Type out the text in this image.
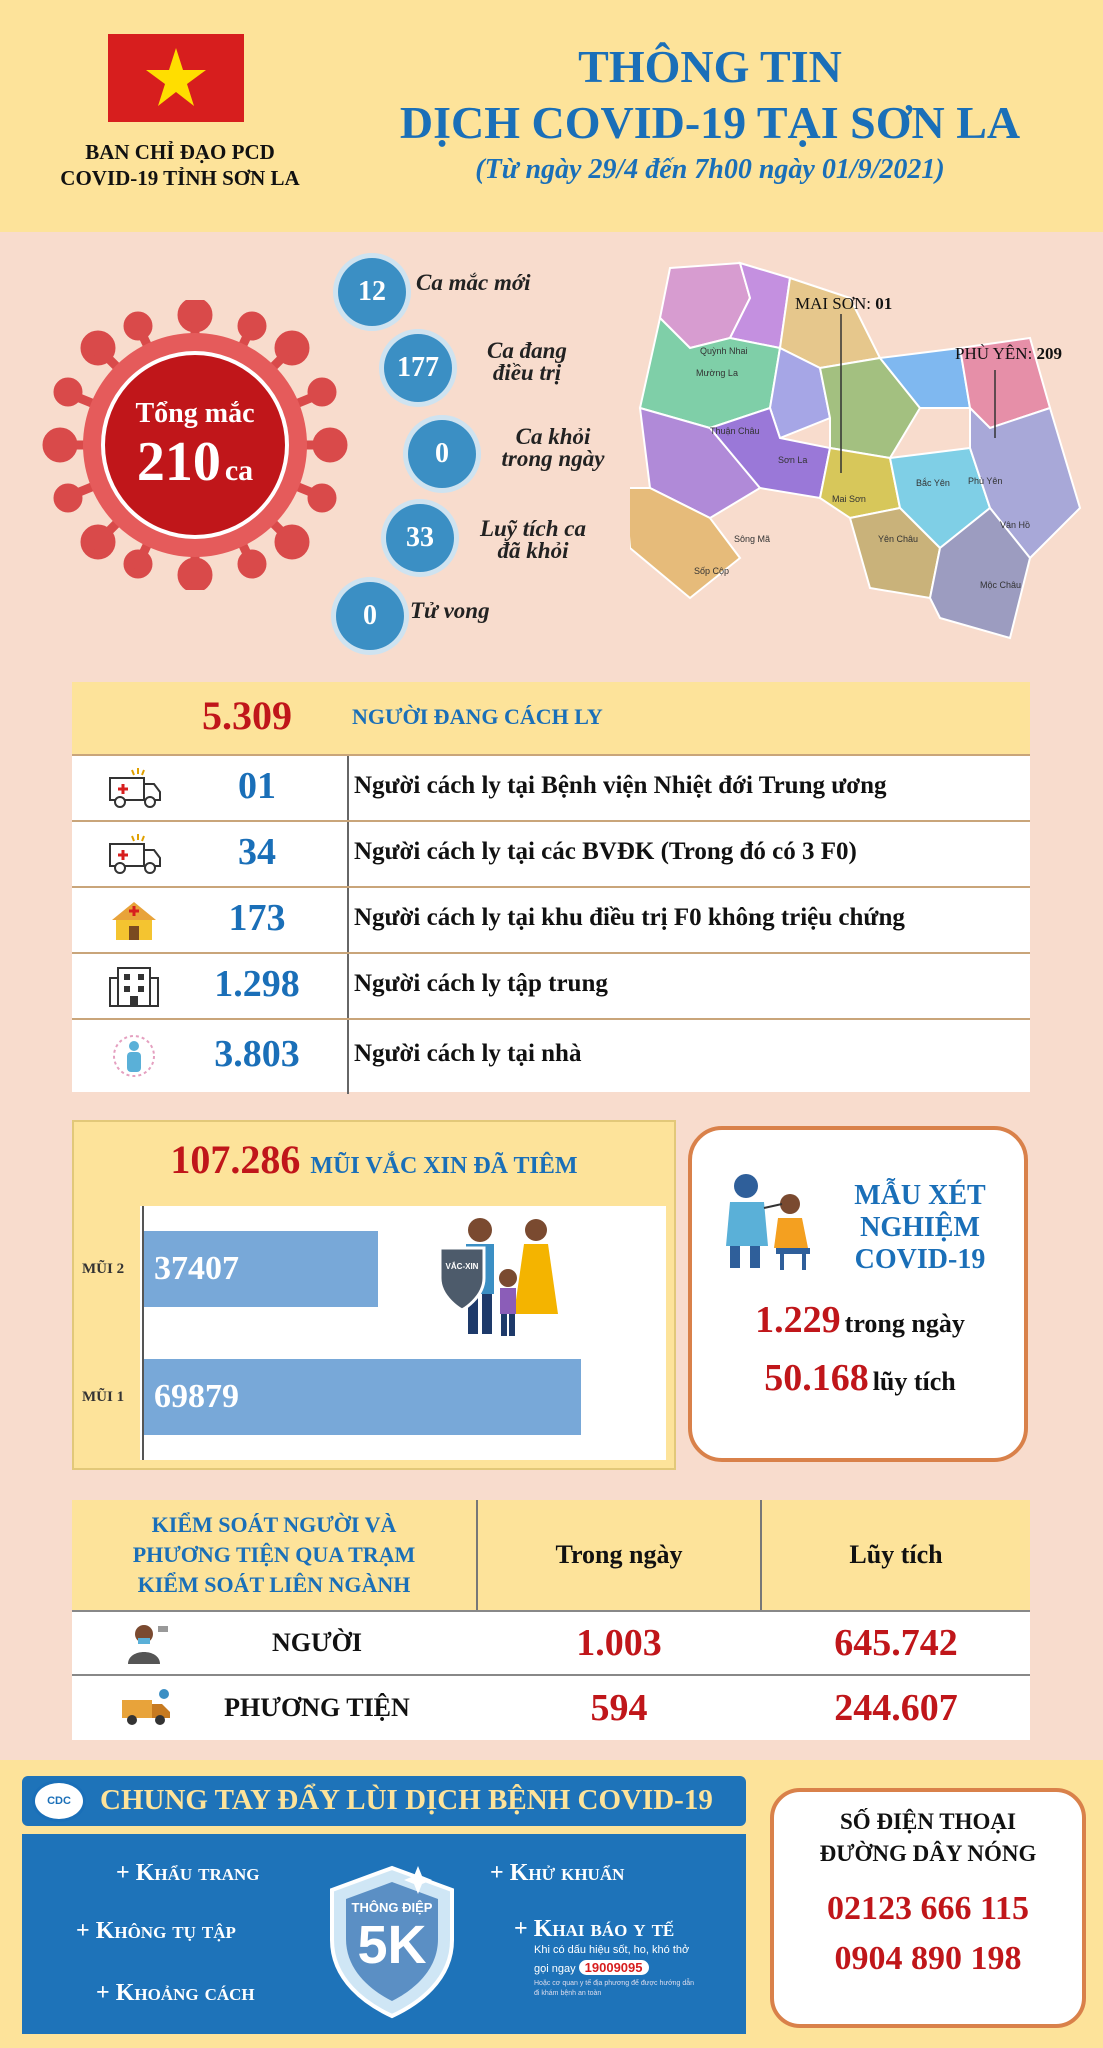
BAN CHỈ ĐẠO PCD
COVID-19 TỈNH SƠN LA
THÔNG TIN
DỊCH COVID-19 TẠI SƠN LA
(Từ ngày 29/4 đến 7h00 ngày 01/9/2021)
Tổng mắc
210 ca
12	Ca mắc mới
177
Ca đang
điều trị
0
Ca khỏi
trong ngày
33	Luỹ tích ca
đã khỏi
0	Tử vong
MAI SƠN: 01
PHÙ YÊN: 209
Quỳnh Nhai
Mường La
Thuận Châu
Bắc Yên Phù Yên
Sơn La
Mai Sơn
Sông Mã
Sốp Cộp
Yên Châu
Mộc Châu
Vân Hồ
5.309	NGƯỜI ĐANG CÁCH LY
01	Người cách ly tại Bệnh viện Nhiệt đới Trung ương
34	Người cách ly tại các BVĐK (Trong đó có 3 F0)
173	Người cách ly tại khu điều trị F0 không triệu chứng
1.298	Người cách ly tập trung
3.803	Người cách ly tại nhà
107.286 MŨI VẮC XIN ĐÃ TIÊM
37407
69879
MŨI 2
MŨI 1
VẮC-XIN
MẪU XÉT
NGHIỆM
COVID-19
1.229 trong ngày
50.168 lũy tích
KIỂM SOÁT NGƯỜI VÀ
PHƯƠNG TIỆN QUA TRẠM
KIỂM SOÁT LIÊN NGÀNH
Trong ngày	Lũy tích
NGƯỜI	1.003	645.742
PHƯƠNG TIỆN	594	244.607
CDC	CHUNG TAY ĐẨY LÙI DỊCH BỆNH COVID-19
+ Khẩu trang
+ Không tụ tập
+ Khoảng cách
+ Khử khuẩn
+ Khai báo y tế
Khi có dấu hiệu sốt, ho, khó thở
gọi ngay 19009095
Hoặc cơ quan y tế địa phương để được hướng dẫn
đi khám bệnh an toàn
THÔNG ĐIỆP
5K
SỐ ĐIỆN THOẠI
ĐƯỜNG DÂY NÓNG
02123 666 115
0904 890 198
